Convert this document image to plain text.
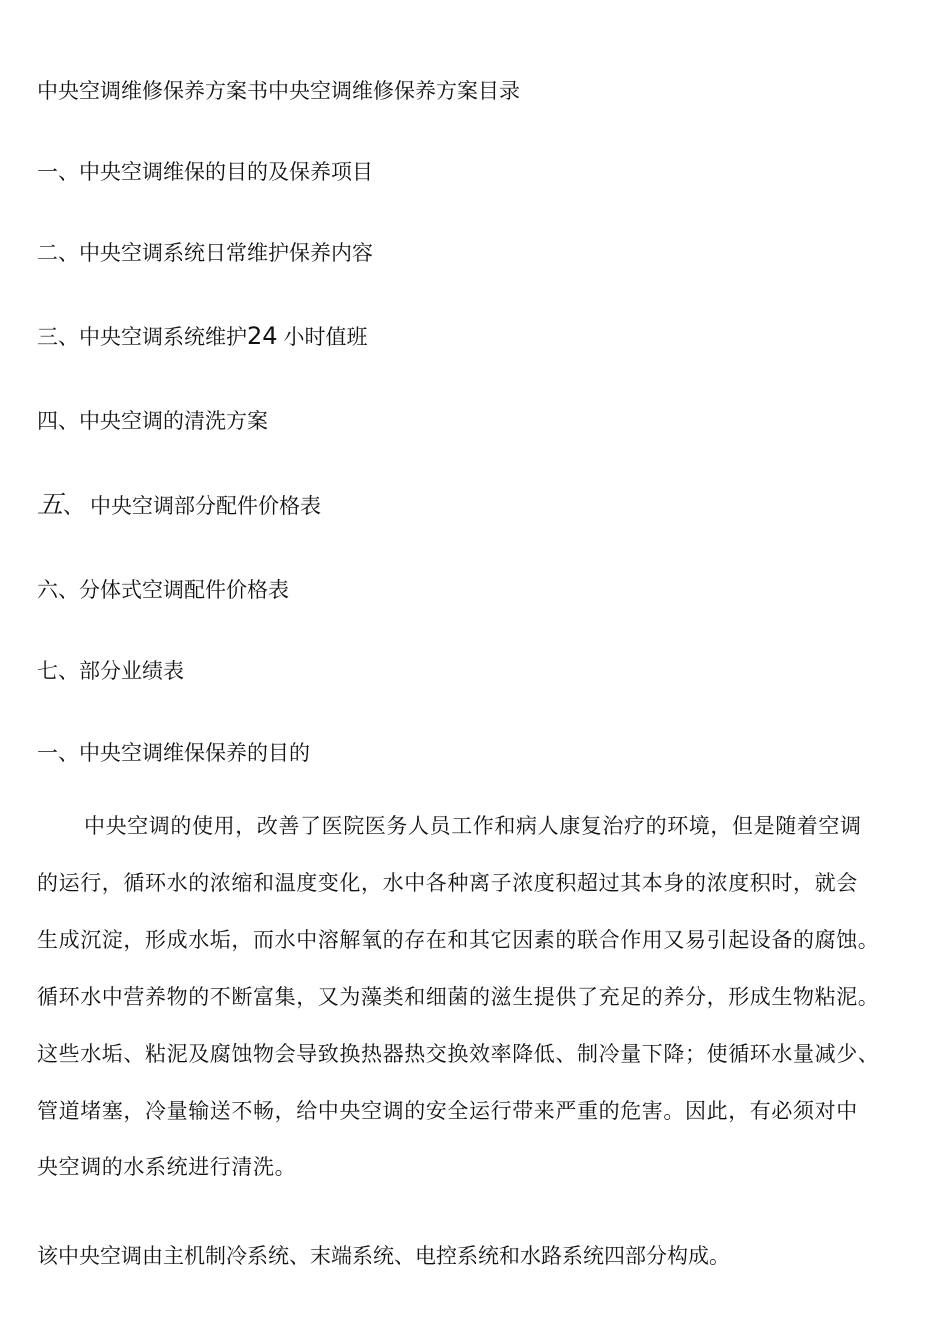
中央空调维修保养方案书中央空调维修保养方案目录
一、中央空调维保的目的及保养项目
二、中央空调系统日常维护保养内容
三、中央空调系统维护24 小时值班
四、中央空调的清洗方案
五、 中央空调部分配件价格表
六、分体式空调配件价格表
七、部分业绩表
一、中央空调维保保养的目的
中央空调的使用，改善了医院医务人员工作和病人康复治疗的环境，但是随着空调
的运行，循环水的浓缩和温度变化，水中各种离子浓度积超过其本身的浓度积时，就会
生成沉淀，形成水垢，而水中溶解氧的存在和其它因素的联合作用又易引起设备的腐蚀。
循环水中营养物的不断富集，又为藻类和细菌的滋生提供了充足的养分，形成生物粘泥。
这些水垢、粘泥及腐蚀物会导致换热器热交换效率降低、制冷量下降；使循环水量减少、
管道堵塞，冷量输送不畅，给中央空调的安全运行带来严重的危害。因此，有必须对中
央空调的水系统进行清洗。
该中央空调由主机制冷系统、末端系统、电控系统和水路系统四部分构成。
